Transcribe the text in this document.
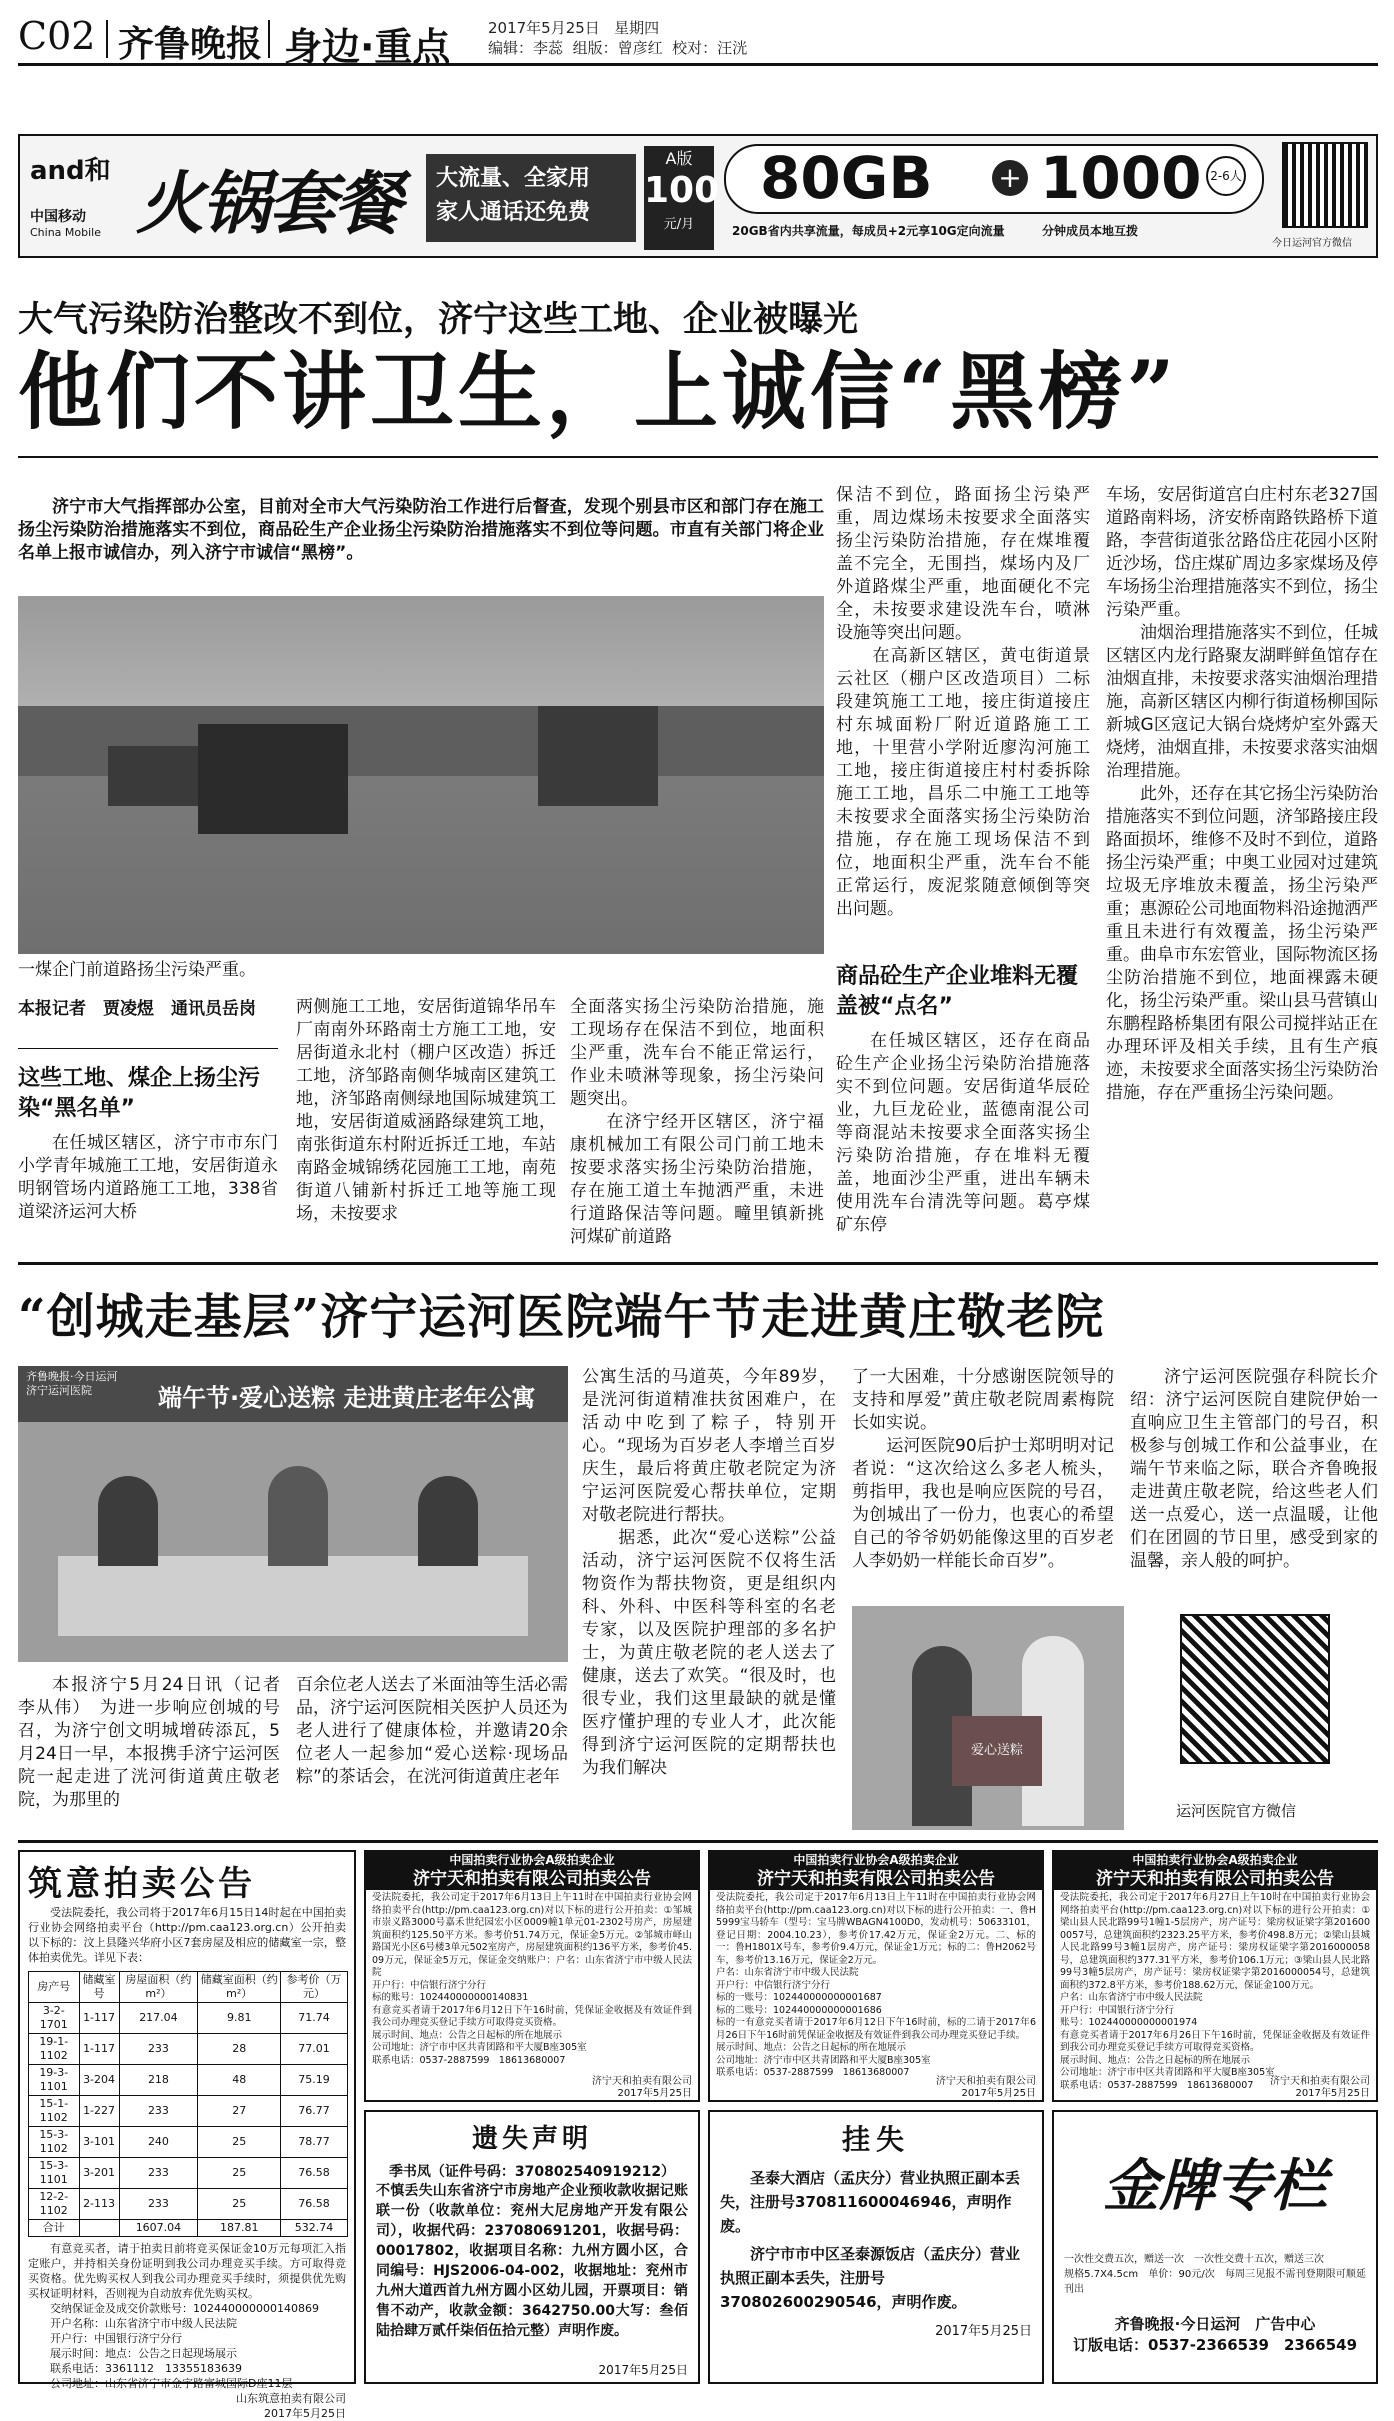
C02 齐鲁晚报 身边·重点	2017年5月25日 星期四
编辑：李蕊 组版：曾彦红 校对：汪洸
and和
中国移动
China Mobile 火锅套餐 大流量、全家用
家人通话还免费
A版
100
元/月
80GB + 1000 2-6人
20GB省内共享流量，每成员+2元享10G定向流量	分钟成员本地互拨
今日运河官方微信
大气污染防治整改不到位，济宁这些工地、企业被曝光
他们不讲卫生，上诚信“黑榜”
济宁市大气指挥部办公室，目前对全市大气污染防治工作进行后督查，发现个别县市区和部门存在施工扬尘污染防治措施落实不到位，商品砼生产企业扬尘污染防治措施落实不到位等问题。市直有关部门将企业名单上报市诚信办，列入济宁市诚信“黑榜”。
一煤企门前道路扬尘污染严重。
本报记者　贾凌煜　通讯员岳岗
这些工地、煤企上扬尘污染“黑名单”
在任城区辖区，济宁市市东门小学青年城施工工地，安居街道永明钢管场内道路施工工地，338省道梁济运河大桥
两侧施工工地，安居街道锦华吊车厂南南外环路南士方施工工地，安居街道永北村（棚户区改造）拆迁工地，济邹路南侧华城南区建筑工地，济邹路南侧绿地国际城建筑工地，安居街道威涵路绿建筑工地，南张街道东村附近拆迁工地，车站南路金城锦绣花园施工工地，南苑街道八铺新村拆迁工地等施工现场，未按要求
全面落实扬尘污染防治措施，施工现场存在保洁不到位，地面积尘严重，洗车台不能正常运行，作业未喷淋等现象，扬尘污染问题突出。
　　在济宁经开区辖区，济宁福康机械加工有限公司门前工地未按要求落实扬尘污染防治措施，存在施工道土车抛洒严重，未进行道路保洁等问题。疃里镇新挑河煤矿前道路
保洁不到位，路面扬尘污染严重，周边煤场未按要求全面落实扬尘污染防治措施，存在煤堆覆盖不完全，无围挡，煤场内及厂外道路煤尘严重，地面硬化不完全，未按要求建设洗车台，喷淋设施等突出问题。
　　在高新区辖区，黄屯街道景云社区（棚户区改造项目）二标段建筑施工工地，接庄街道接庄村东城面粉厂附近道路施工工地，十里营小学附近廖沟河施工工地，接庄街道接庄村村委拆除施工工地，昌乐二中施工工地等未按要求全面落实扬尘污染防治措施，存在施工现场保洁不到位，地面积尘严重，洗车台不能正常运行，废泥浆随意倾倒等突出问题。
商品砼生产企业堆料无覆盖被“点名”
在任城区辖区，还存在商品砼生产企业扬尘污染防治措施落实不到位问题。安居街道华辰砼业，九巨龙砼业，蓝德南混公司等商混站未按要求全面落实扬尘污染防治措施，存在堆料无覆盖，地面沙尘严重，进出车辆未使用洗车台清洗等问题。葛亭煤矿东停
车场，安居街道宫白庄村东老327国道路南料场，济安桥南路铁路桥下道路，李营街道张岔路岱庄花园小区附近沙场，岱庄煤矿周边多家煤场及停车场扬尘治理措施落实不到位，扬尘污染严重。
　　油烟治理措施落实不到位，任城区辖区内龙行路聚友湖畔鲜鱼馆存在油烟直排，未按要求落实油烟治理措施，高新区辖区内柳行街道杨柳国际新城G区寇记大锅台烧烤炉室外露天烧烤，油烟直排，未按要求落实油烟治理措施。
　　此外，还存在其它扬尘污染防治措施落实不到位问题，济邹路接庄段路面损坏，维修不及时不到位，道路扬尘污染严重；中奥工业园对过建筑垃圾无序堆放未覆盖，扬尘污染严重；惠源砼公司地面物料沿途抛洒严重且未进行有效覆盖，扬尘污染严重。曲阜市东宏管业，国际物流区扬尘防治措施不到位，地面裸露未硬化，扬尘污染严重。梁山县马营镇山东鹏程路桥集团有限公司搅拌站正在办理环评及相关手续，且有生产痕迹，未按要求全面落实扬尘污染防治措施，存在严重扬尘污染问题。
“创城走基层”济宁运河医院端午节走进黄庄敬老院
齐鲁晚报·今日运河
济宁运河医院	端午节·爱心送粽 走进黄庄老年公寓
本报济宁5月24日讯（记者　李从伟）　为进一步响应创城的号召，为济宁创文明城增砖添瓦，5月24日一早，本报携手济宁运河医院一起走进了洸河街道黄庄敬老院，为那里的
百余位老人送去了米面油等生活必需品，济宁运河医院相关医护人员还为老人进行了健康体检，并邀请20余位老人一起参加“爱心送粽·现场品粽”的茶话会，在洸河街道黄庄老年
公寓生活的马道英，今年89岁，是洸河街道精准扶贫困难户，在活动中吃到了粽子，特别开心。“现场为百岁老人李增兰百岁庆生，最后将黄庄敬老院定为济宁运河医院爱心帮扶单位，定期对敬老院进行帮扶。
　　据悉，此次“爱心送粽”公益活动，济宁运河医院不仅将生活物资作为帮扶物资，更是组织内科、外科、中医科等科室的名老专家，以及医院护理部的多名护士，为黄庄敬老院的老人送去了健康，送去了欢笑。“很及时，也很专业，我们这里最缺的就是懂医疗懂护理的专业人才，此次能得到济宁运河医院的定期帮扶也为我们解决
了一大困难，十分感谢医院领导的支持和厚爱”黄庄敬老院周素梅院长如实说。
　　运河医院90后护士郑明明对记者说：“这次给这么多老人梳头，剪指甲，我也是响应医院的号召，为创城出了一份力，也衷心的希望自己的爷爷奶奶能像这里的百岁老人李奶奶一样能长命百岁”。
济宁运河医院强存科院长介绍：济宁运河医院自建院伊始一直响应卫生主管部门的号召，积极参与创城工作和公益事业，在端午节来临之际，联合齐鲁晚报走进黄庄敬老院，给这些老人们送一点爱心，送一点温暖，让他们在团圆的节日里，感受到家的温馨，亲人般的呵护。
爱心送粽
运河医院官方微信
筑意拍卖公告
受法院委托，我公司将于2017年6月15日14时起在中国拍卖行业协会网络拍卖平台（http://pm.caa123.org.cn）公开拍卖以下标的：汶上县隆兴华府小区7套房屋及相应的储藏室一宗，整体拍卖优先。详见下表：
房产号	储藏室号	房屋面积（约m²）	储藏室面积（约m²）	参考价（万元）
3-2-1701	1-117	217.04	9.81	71.74
19-1-1102	1-117	233	28	77.01
19-3-1101	3-204	218	48	75.19
15-1-1102	1-227	233	27	76.77
15-3-1102	3-101	240	25	78.77
15-3-1101	3-201	233	25	76.58
12-2-1102	2-113	233	25	76.58
合计		1607.04	187.81	532.74
有意竞买者，请于拍卖日前将竞买保证金10万元每项汇入指定账户，并持相关身份证明到我公司办理竞买手续。方可取得竞买资格。优先购买权人到我公司办理竞买手续时，须提供优先购买权证明材料，否则视为自动放弃优先购买权。
　　交纳保证金及成交价款账号：102440000000140869
　　开户名称：山东省济宁市中级人民法院
　　开户行：中国银行济宁分行
　　展示时间：地点：公告之日起现场展示
　　联系电话：3361112　13355183639
　　公司地址：山东省济宁市金宇路富城国际D座11层
山东筑意拍卖有限公司
2017年5月25日
中国拍卖行业协会A级拍卖企业
济宁天和拍卖有限公司拍卖公告
受法院委托，我公司定于2017年6月13日上午11时在中国拍卖行业协会网络拍卖平台(http://pm.caa123.org.cn)对以下标的进行公开拍卖：①邹城市崇义路3000号嘉禾世纪园宏小区0009幢1单元01-2302号房产，房屋建筑面积约125.50平方米。参考价51.74万元，保证金5万元。②邹城市峄山路国光小区6号楼3单元502室房产，房屋建筑面积约136平方米，参考价45.09万元，保证金5万元，保证金交纳账户：户名：山东省济宁市中级人民法院
开户行：中信银行济宁分行
标的账号：102440000000140831
有意竞买者请于2017年6月12日下午16时前，凭保证金收据及有效证件到我公司办理竞买登记手续方可取得竞买资格。
展示时间、地点：公告之日起标的所在地展示
公司地址：济宁市中区共青团路和平大厦B座305室
联系电话：0537-2887599　18613680007
济宁天和拍卖有限公司
2017年5月25日
中国拍卖行业协会A级拍卖企业
济宁天和拍卖有限公司拍卖公告
受法院委托，我公司定于2017年6月13日上午11时在中国拍卖行业协会网络拍卖平台(http://pm.caa123.org.cn)对以下标的进行公开拍卖：一、鲁H5999宝马轿车（型号：宝马牌WBAGN4100D0，发动机号：50633101，登记日期：2004.10.23），参考价17.42万元，保证金2万元。二、标的一：鲁H1801X号车，参考价9.4万元，保证金1万元；标的二：鲁H2062号车，参考价13.16万元，保证金2万元。
户名：山东省济宁市中级人民法院
开户行：中信银行济宁分行
标的一账号：102440000000001687
标的二账号：102440000000001686
标的一有意竞买者请于2017年6月12日下午16时前，标的二请于2017年6月26日下午16时前凭保证金收据及有效证件到我公司办理竞买登记手续。
展示时间、地点：公告之日起标的所在地展示
公司地址：济宁市中区共青团路和平大厦B座305室
联系电话：0537-2887599　18613680007
济宁天和拍卖有限公司
2017年5月25日
中国拍卖行业协会A级拍卖企业
济宁天和拍卖有限公司拍卖公告
受法院委托，我公司定于2017年6月27日上午10时在中国拍卖行业协会网络拍卖平台(http://pm.caa123.org.cn)对以下标的进行公开拍卖：①梁山县人民北路99号1幢1-5层房产，房产证号：梁房权证梁字第2016000057号，总建筑面积约2323.25平方米，参考价498.8万元；②梁山县城人民北路99号3幢1层房产，房产证号：梁房权证梁字第2016000058号，总建筑面积约377.31平方米，参考价106.1万元；③梁山县人民北路99号3幢5层房产，房产证号：梁房权证梁字第2016000054号，总建筑面积约372.8平方米，参考价188.62万元，保证金100万元。
户名：山东省济宁市中级人民法院
开户行：中国银行济宁分行
账号：102440000000001974
有意竞买者请于2017年6月26日下午16时前，凭保证金收据及有效证件到我公司办理竞买登记手续方可取得竞买资格。
展示时间、地点：公告之日起标的所在地展示
公司地址：济宁市中区共青团路和平大厦B座305室
联系电话：0537-2887599　18613680007	济宁天和拍卖有限公司
2017年5月25日
遗失声明
季书凤（证件号码：370802540919212）
不慎丢失山东省济宁市房地产企业预收款收据记账联一份（收款单位：兖州大尼房地产开发有限公司），收据代码：237080691201，收据号码：00017802，收据项目名称：九州方圆小区，合同编号：HJS2006-04-002，收据地址：兖州市九州大道西首九州方圆小区幼儿园，开票项目：销售不动产，收款金额：3642750.00大写：叁佰陆拾肆万贰仟柒佰伍拾元整）声明作废。
2017年5月25日
挂失
圣泰大酒店（孟庆分）营业执照正副本丢失，注册号370811600046946，声明作废。
济宁市市中区圣泰源饭店（孟庆分）营业执照正副本丢失，注册号370802600290546，声明作废。
2017年5月25日
金牌专栏
一次性交费五次，赠送一次　一次性交费十五次，赠送三次
规格5.7X4.5cm　单价：90元/次　每周三见报不需刊登期限可顺延刊出
齐鲁晚报·今日运河　广告中心
订版电话：0537-2366539　2366549
